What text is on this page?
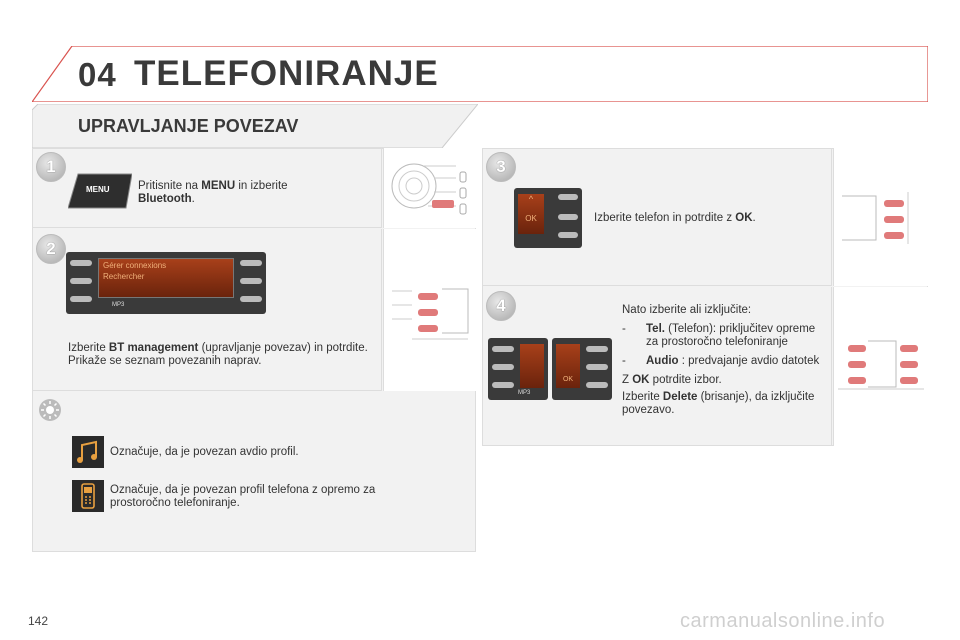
04 TELEFONIRANJE
UPRAVLJANJE POVEZAV
1
MENU Pritisnite na MENU in izberite
Bluetooth.
2
Gérer connexions
Rechercher
MP3
Izberite BT management (upravljanje povezav) in potrdite. Prikaže se seznam povezanih naprav.
Označuje, da je povezan avdio profil.
Označuje, da je povezan profil telefona z opremo za prostoročno telefoniranje.
3
^
OK	Izberite telefon in potrdite z OK.
4
MP3
OK
Nato izberite ali izključite:
-	Tel. (Telefon): priključitev opreme za prostoročno telefoniranje
-	Audio : predvajanje avdio datotek
Z OK potrdite izbor.
Izberite Delete (brisanje), da izključite povezavo.
142	carmanualsonline.info
